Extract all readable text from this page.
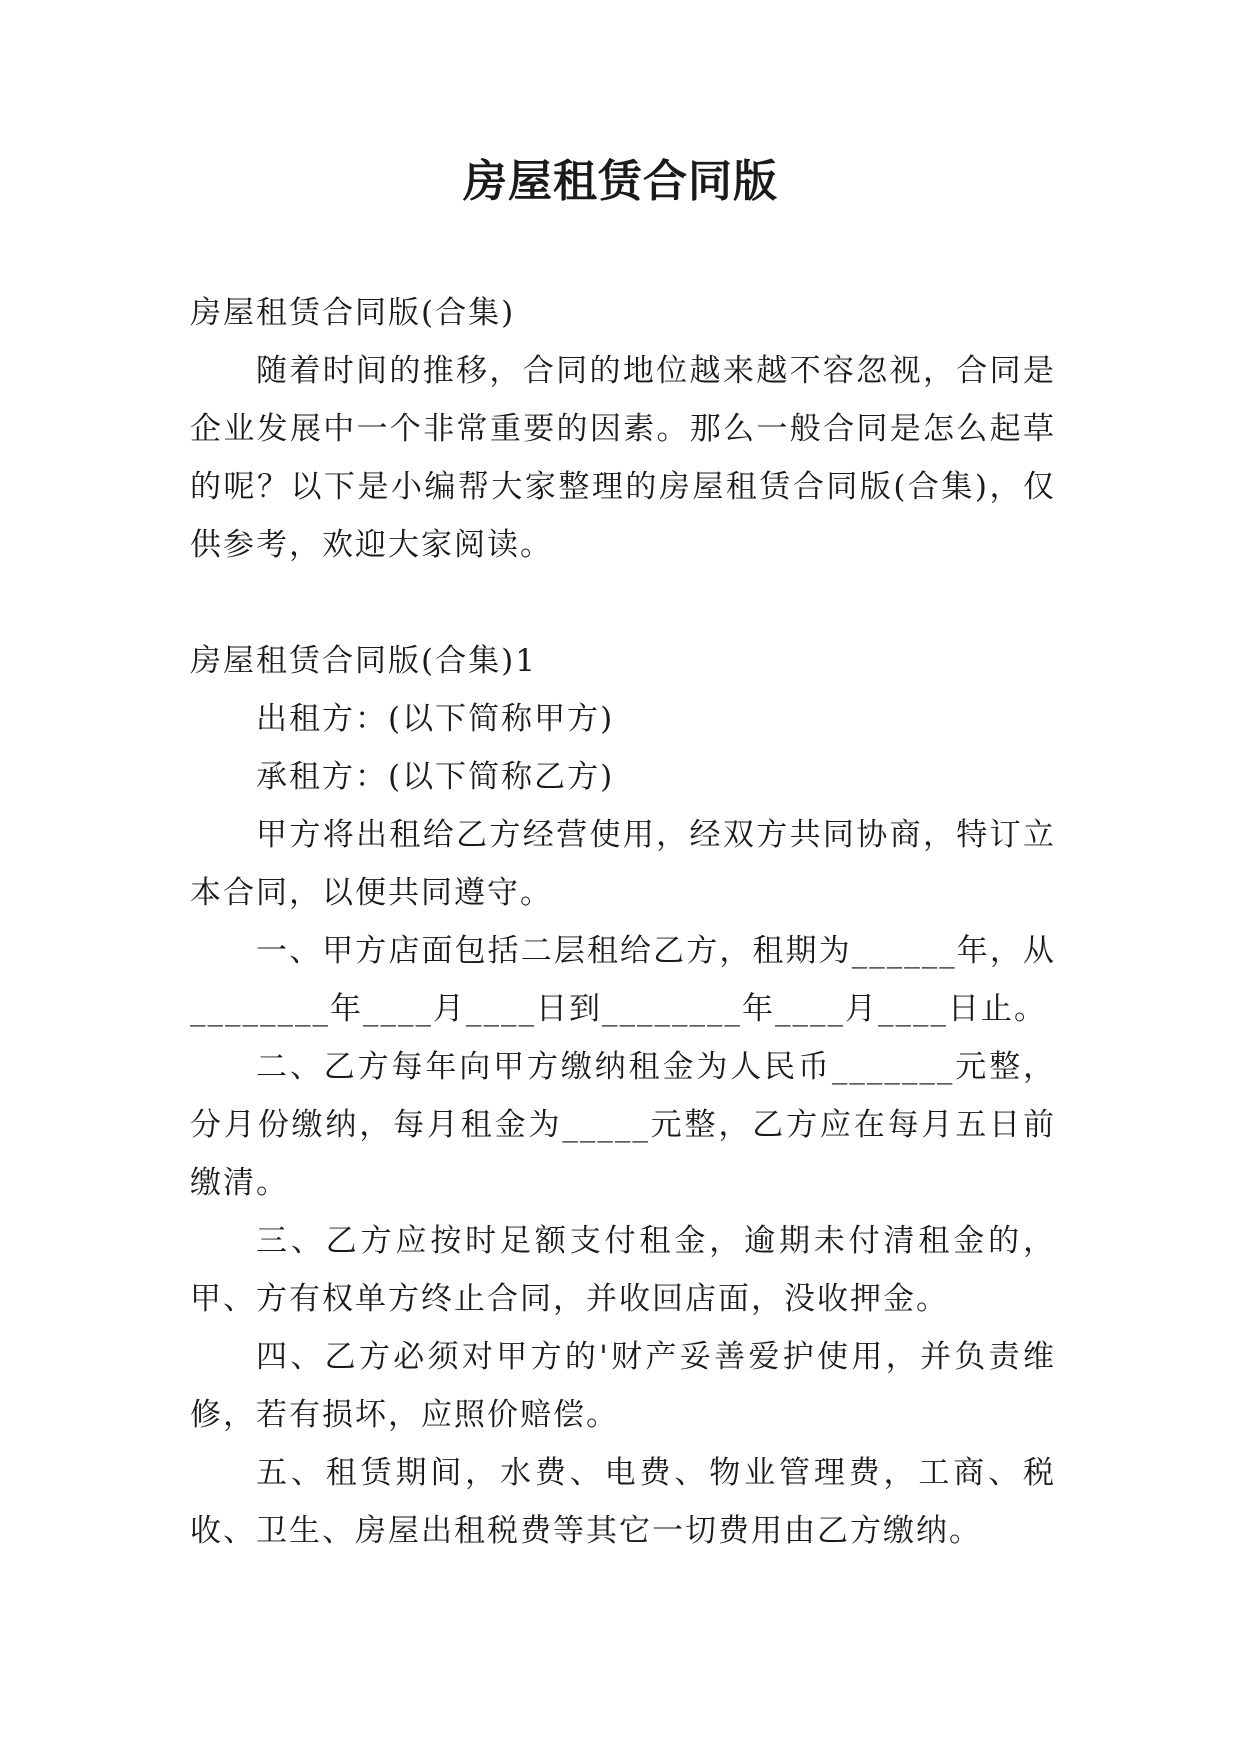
房屋租赁合同版

房屋租赁合同版(合集)

随着时间的推移，合同的地位越来越不容忽视，合同是企业发展中一个非常重要的因素。那么一般合同是怎么起草的呢？以下是小编帮大家整理的房屋租赁合同版(合集)，仅供参考，欢迎大家阅读。

房屋租赁合同版(合集)1

出租方：(以下简称甲方)

承租方：(以下简称乙方)

甲方将出租给乙方经营使用，经双方共同协商，特订立本合同，以便共同遵守。

一、甲方店面包括二层租给乙方，租期为______年，从________年____月____日到________年____月____日止。

二、乙方每年向甲方缴纳租金为人民币_______元整，分月份缴纳，每月租金为_____元整，乙方应在每月五日前缴清。

三、乙方应按时足额支付租金，逾期未付清租金的，甲、方有权单方终止合同，并收回店面，没收押金。

四、乙方必须对甲方的'财产妥善爱护使用，并负责维修，若有损坏，应照价赔偿。

五、租赁期间，水费、电费、物业管理费，工商、税收、卫生、房屋出租税费等其它一切费用由乙方缴纳。
